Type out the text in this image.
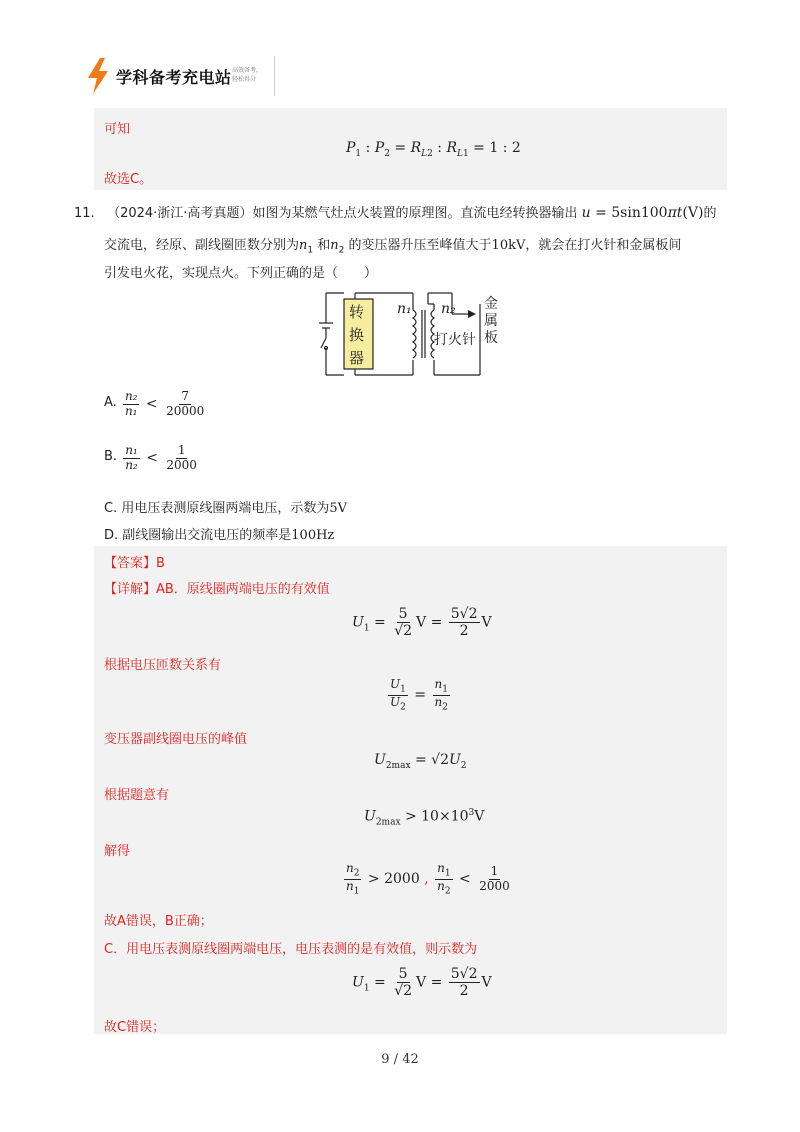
学科备考充电站 高效备考,
轻松得分
可知
$P_1$ : $P_2 = R_{L2}$ : $R_{L1} = 1$ : 2
故选C。
11. （2024·浙江·高考真题）如图为某燃气灶点火装置的原理图。直流电经转换器输出 u = 5sin100πt(V)的
交流电，经原、副线圈匝数分别为$n_1$ 和$n_2$ 的变压器升压至峰值大于10kV，就会在打火针和金属板间
引发电火花，实现点火。下列正确的是（　　）
转
换
器
n₁ n₂
打火针
金
属
板
A. $\frac{\text{n₂}}{\text{n₁}} < \frac{7}{20000}$
B. $\frac{\text{n₁}}{\text{n₂}} < \frac{1}{2000}$
C. 用电压表测原线圈两端电压，示数为5V
D. 副线圈输出交流电压的频率是100Hz
【答案】B
【详解】AB．原线圈两端电压的有效值
$U_1 = \frac{5}{√2}$ $V = \frac{5√2}{2}$ V
根据电压匝数关系有
$\frac{U_1}{U_2} = \frac{n_1}{n_2}$
变压器副线圈电压的峰值
$U_{2max} = √2U_2$
根据题意有
$U_{2max} > 10\times 10^3V$
解得
$\frac{n_2}{n_1} > 2000$ , $\frac{n_1}{n_2} < \frac{1}{2000}$
故A错误，B正确；
C．用电压表测原线圈两端电压，电压表测的是有效值，则示数为
$U_1 = \frac{5}{√2}$ $V = \frac{5√2}{2}$ V
故C错误；
9 / 42
